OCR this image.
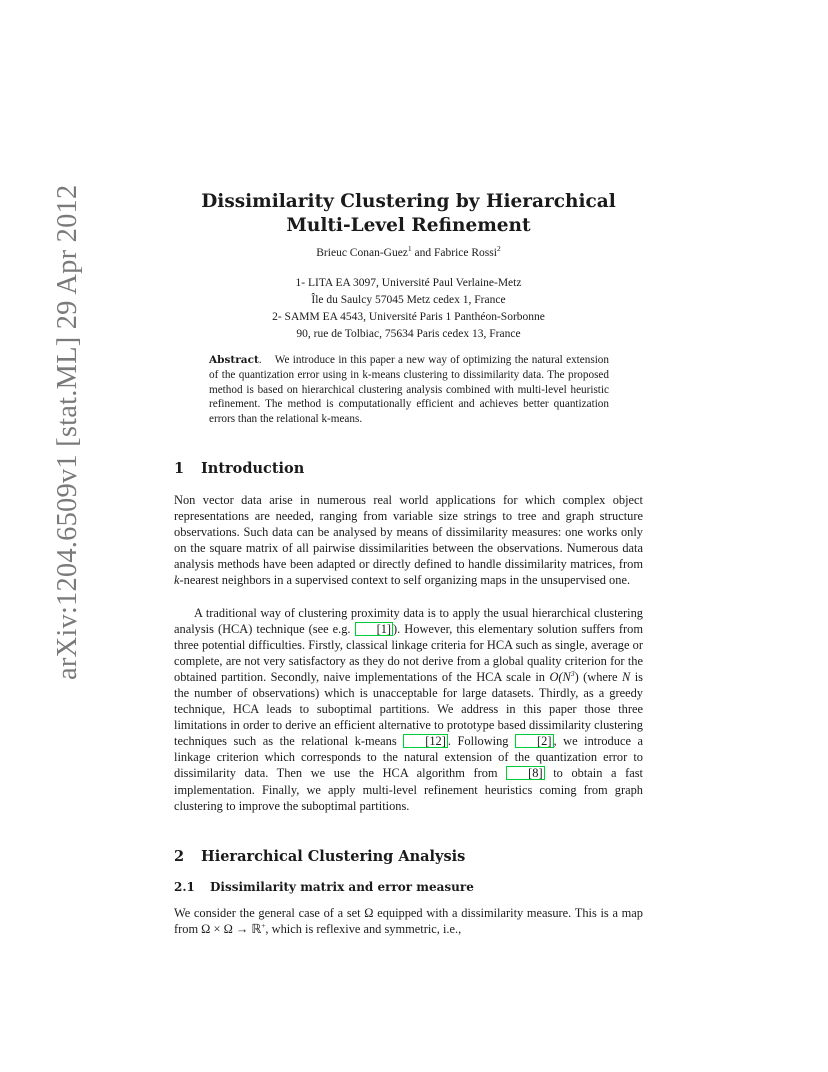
arXiv:1204.6509v1 [stat.ML] 29 Apr 2012	Dissimilarity Clustering by Hierarchical
Multi-Level Refinement
Brieuc Conan-Guez$^1$ and Fabrice Rossi$^2$
1- LITA EA 3097, Université Paul Verlaine-Metz
Île du Saulcy 57045 Metz cedex 1, France
2- SAMM EA 4543, Université Paris 1 Panthéon-Sorbonne
90, rue de Tolbiac, 75634 Paris cedex 13, France
Abstract.    We introduce in this paper a new way of optimizing the natural extension of the quantization error using in k-means clustering to dissimilarity data. The proposed method is based on hierarchical clustering analysis combined with multi-level heuristic refinement. The method is computationally efficient and achieves better quantization errors than the relational k-means.
1 Introduction

Non vector data arise in numerous real world applications for which complex object representations are needed, ranging from variable size strings to tree and graph structure observations. Such data can be analysed by means of dissimilarity measures: one works only on the square matrix of all pairwise dissimilarities between the observations. Numerous data analysis methods have been adapted or directly defined to handle dissimilarity matrices, from k-nearest neighbors in a supervised context to self organizing maps in the unsupervised one.

A traditional way of clustering proximity data is to apply the usual hierarchical clustering analysis (HCA) technique (see e.g. [1] ). However, this elementary solution suffers from three potential difficulties. Firstly, classical linkage criteria for HCA such as single, average or complete, are not very satisfactory as they do not derive from a global quality criterion for the obtained partition. Secondly, naive implementations of the HCA scale in $O(N^3)$ (where N is the number of observations) which is unacceptable for large datasets. Thirdly, as a greedy technique, HCA leads to suboptimal partitions. We address in this paper those three limitations in order to derive an efficient alternative to prototype based dissimilarity clustering techniques such as the relational k-means [12] . Following [2] , we introduce a linkage criterion which corresponds to the natural extension of the quantization error to dissimilarity data. Then we use the HCA algorithm from [8] to obtain a fast implementation. Finally, we apply multi-level refinement heuristics coming from graph clustering to improve the suboptimal partitions.

2 Hierarchical Clustering Analysis
2.1 Dissimilarity matrix and error measure

We consider the general case of a set Ω equipped with a dissimilarity measure. This is a map from Ω × Ω → ℝ+, which is reflexive and symmetric, i.e.,
